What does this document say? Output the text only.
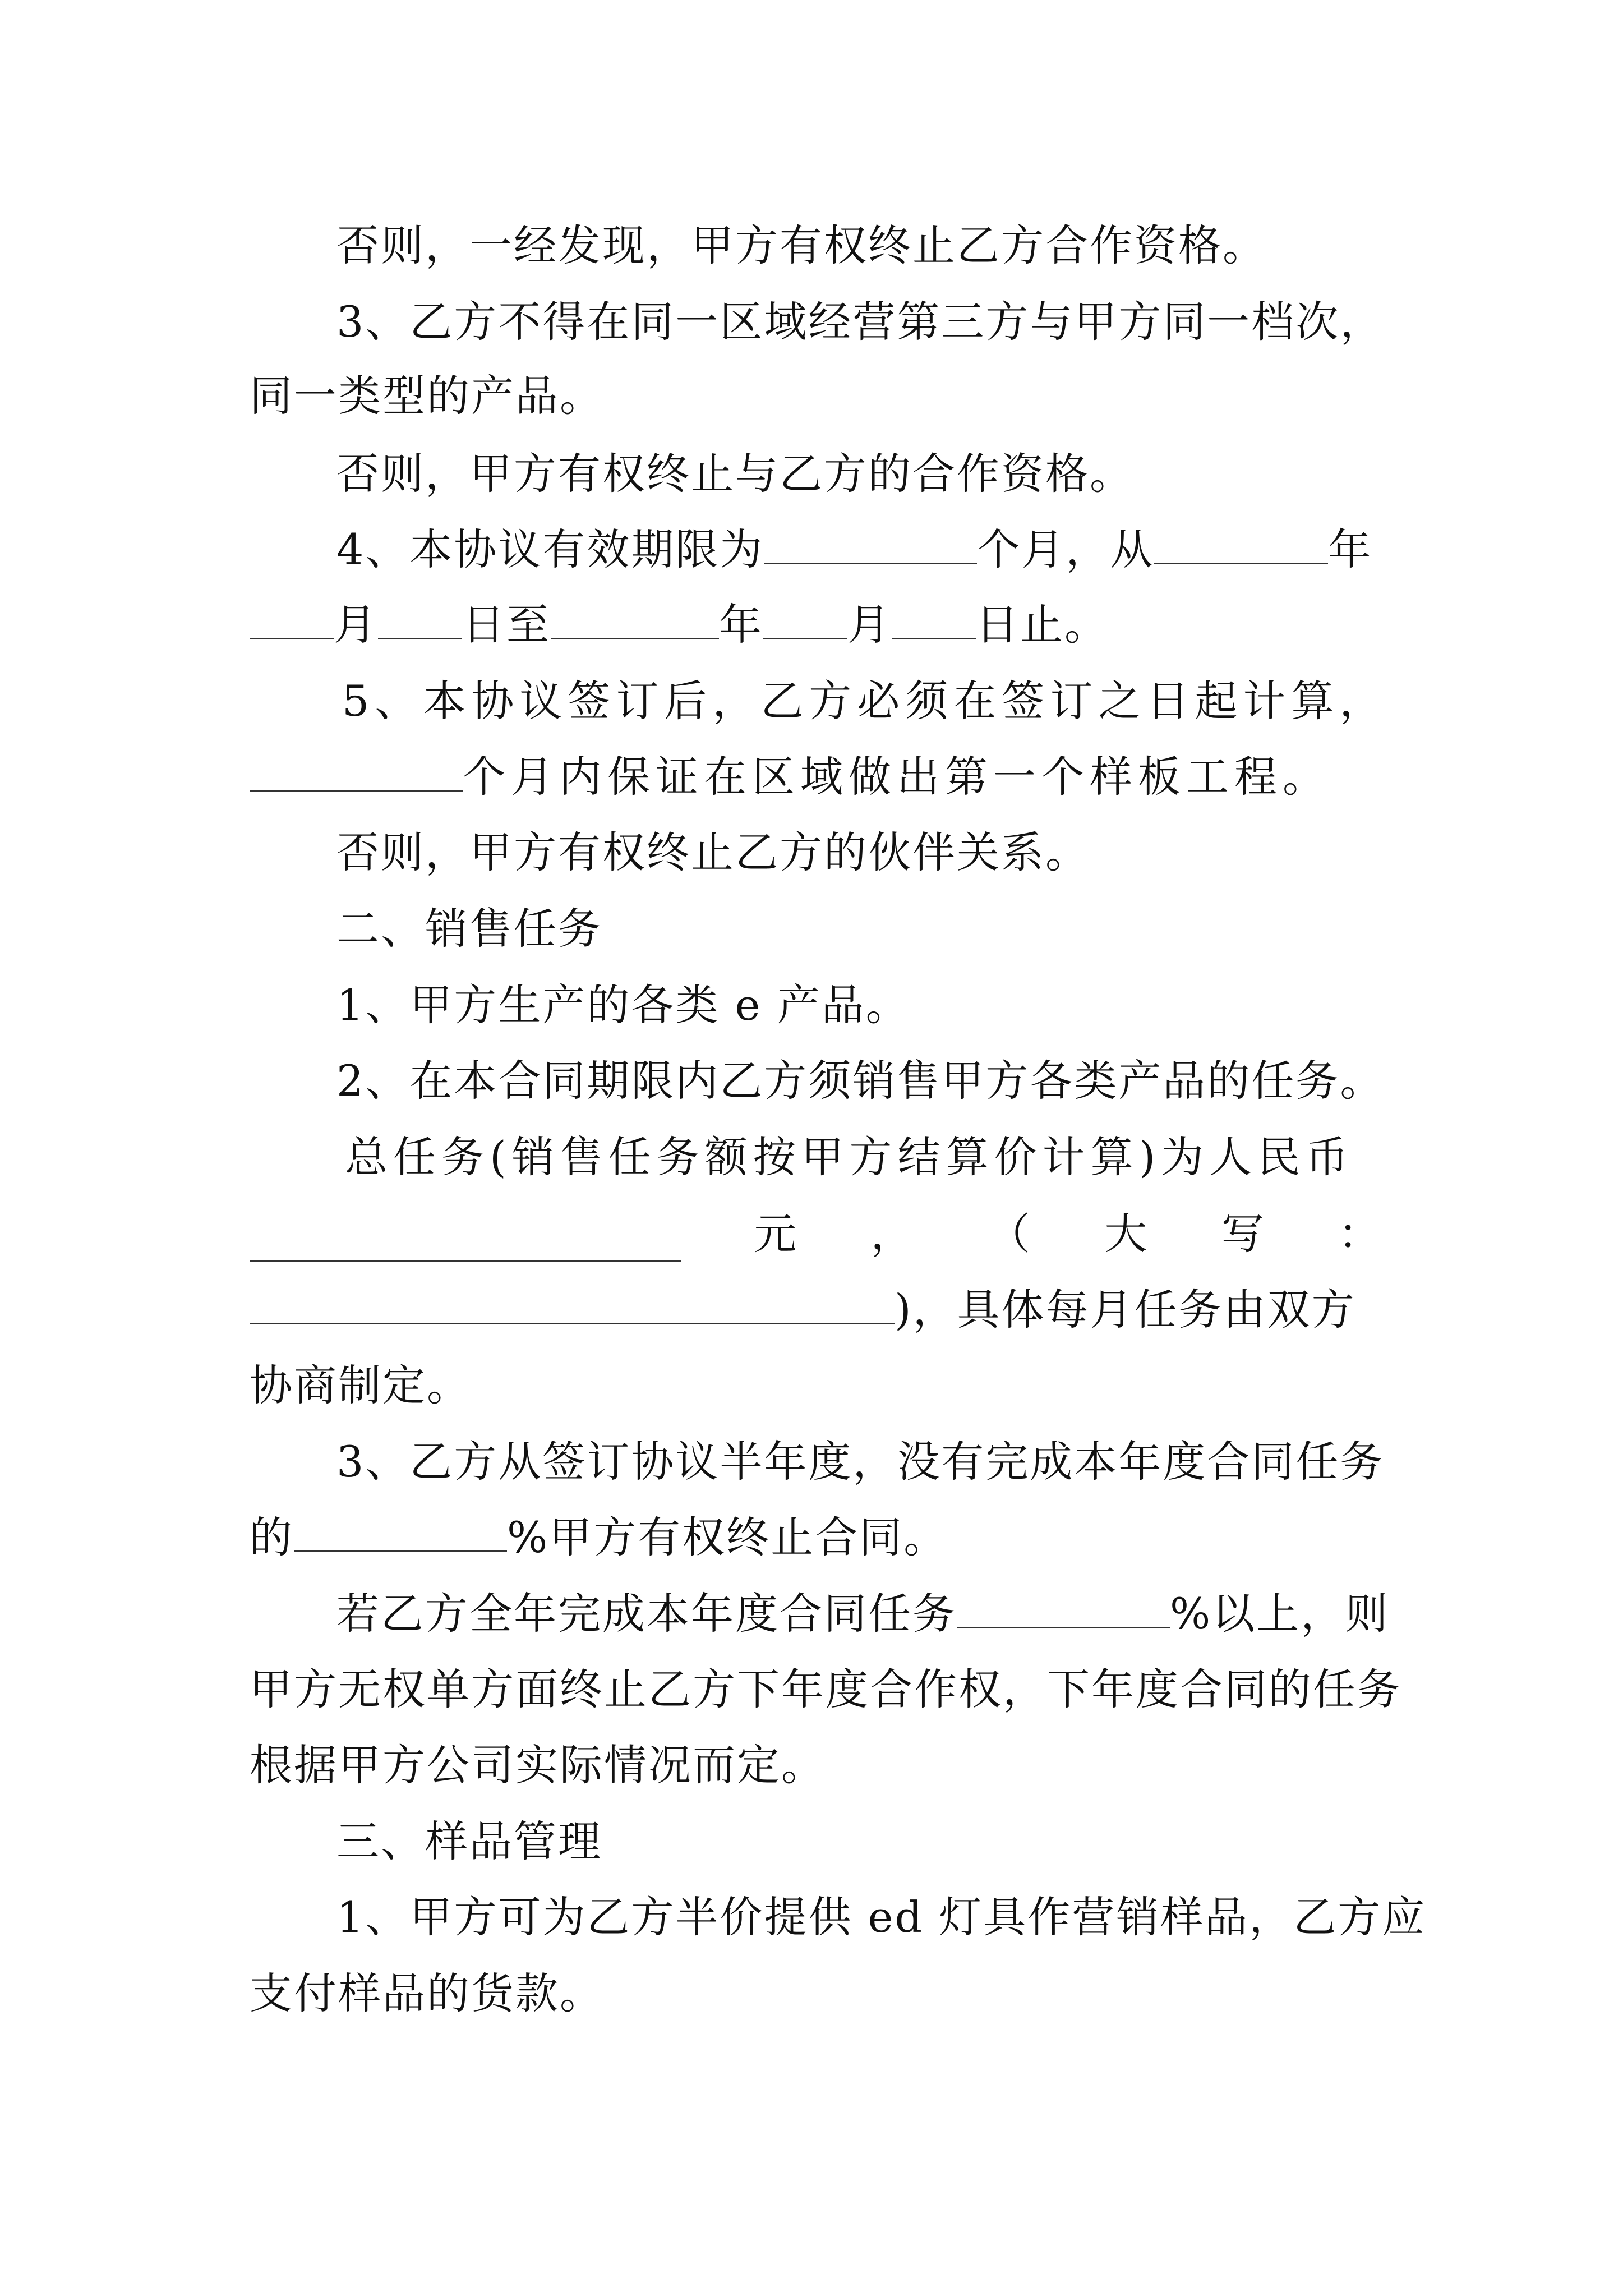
否则，一经发现，甲方有权终止乙方合作资格。
3、乙方不得在同一区域经营第三方与甲方同一档次，
同一类型的产品。
否则，甲方有权终止与乙方的合作资格。
4、本协议有效期限为	个月，从	年
月 日至	年 月 日止。
5、本协议签订后，乙方必须在签订之日起计算，
个月内保证在区域做出第一个样板工程。
否则，甲方有权终止乙方的伙伴关系。
二、销售任务
1、甲方生产的各类 e 产品。
2、在本合同期限内乙方须销售甲方各类产品的任务。
总任务(销售任务额按甲方结算价计算)为人民币
元 ， （ 大 写 ：
)，具体每月任务由双方
协商制定。
3、乙方从签订协议半年度，没有完成本年度合同任务
的	%甲方有权终止合同。
若乙方全年完成本年度合同任务	%以上，则
甲方无权单方面终止乙方下年度合作权，下年度合同的任务
根据甲方公司实际情况而定。
三、样品管理
1、甲方可为乙方半价提供 ed 灯具作营销样品，乙方应
支付样品的货款。
